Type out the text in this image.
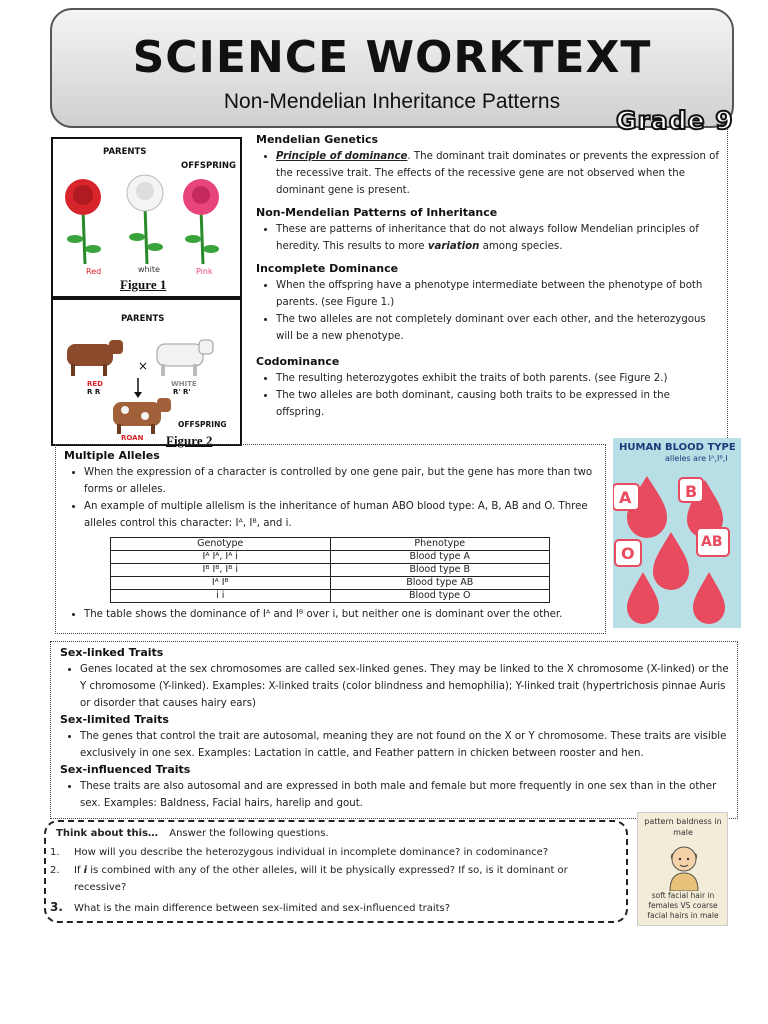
SCIENCE WORKTEXT
Non-Mendelian Inheritance Patterns
Grade 9
PARENTS
OFFSPRING
Red	white	Pink
Figure 1
PARENTS
×
RED
R R
WHITE
R' R'
OFFSPRING
ROAN Figure 2
Mendelian Genetics
• Principle of dominance. The dominant trait dominates or prevents the expression of the recessive trait. The effects of the recessive gene are not observed when the dominant gene is present.
Non-Mendelian Patterns of Inheritance
• These are patterns of inheritance that do not always follow Mendelian principles of heredity. This results to more variation among species.
Incomplete Dominance
• When the offspring have a phenotype intermediate between the phenotype of both parents. (see Figure 1.)
• The two alleles are not completely dominant over each other, and the heterozygous will be a new phenotype.
Codominance
• The resulting heterozygotes exhibit the traits of both parents. (see Figure 2.)
• The two alleles are both dominant, causing both traits to be expressed in the offspring.
Multiple Alleles
• When the expression of a character is controlled by one gene pair, but the gene has more than two forms or alleles.
• An example of multiple allelism is the inheritance of human ABO blood type: A, B, AB and O. Three alleles control this character: Iᴬ, Iᴮ, and i.
Genotype	Phenotype
Iᴬ Iᴬ, Iᴬ i	Blood type A
Iᴮ Iᴮ, Iᴮ i	Blood type B
Iᴬ Iᴮ	Blood type AB
i i	Blood type O
• The table shows the dominance of Iᴬ and Iᴮ over i, but neither one is dominant over the other.
HUMAN BLOOD TYPE
alleles are Iᴬ,Iᴮ,I
A	B
AB
O
Sex-linked Traits
• Genes located at the sex chromosomes are called sex-linked genes. They may be linked to the X chromosome (X-linked) or the Y chromosome (Y-linked). Examples: X-linked traits (color blindness and hemophilia); Y-linked trait (hypertrichosis pinnae Auris or disorder that causes hairy ears)
Sex-limited Traits
• The genes that control the trait are autosomal, meaning they are not found on the X or Y chromosome. These traits are visible exclusively in one sex. Examples: Lactation in cattle, and Feather pattern in chicken between rooster and hen.
Sex-influenced Traits
• These traits are also autosomal and are expressed in both male and female but more frequently in one sex than in the other sex. Examples: Baldness, Facial hairs, harelip and gout.
Think about this… Answer the following questions.
1. How will you describe the heterozygous individual in incomplete dominance? in codominance?
2. If i is combined with any of the other alleles, will it be physically expressed? If so, is it dominant or recessive?
3. What is the main difference between sex-limited and sex-influenced traits?
pattern baldness in male
soft facial hair in females VS coarse facial hairs in male
